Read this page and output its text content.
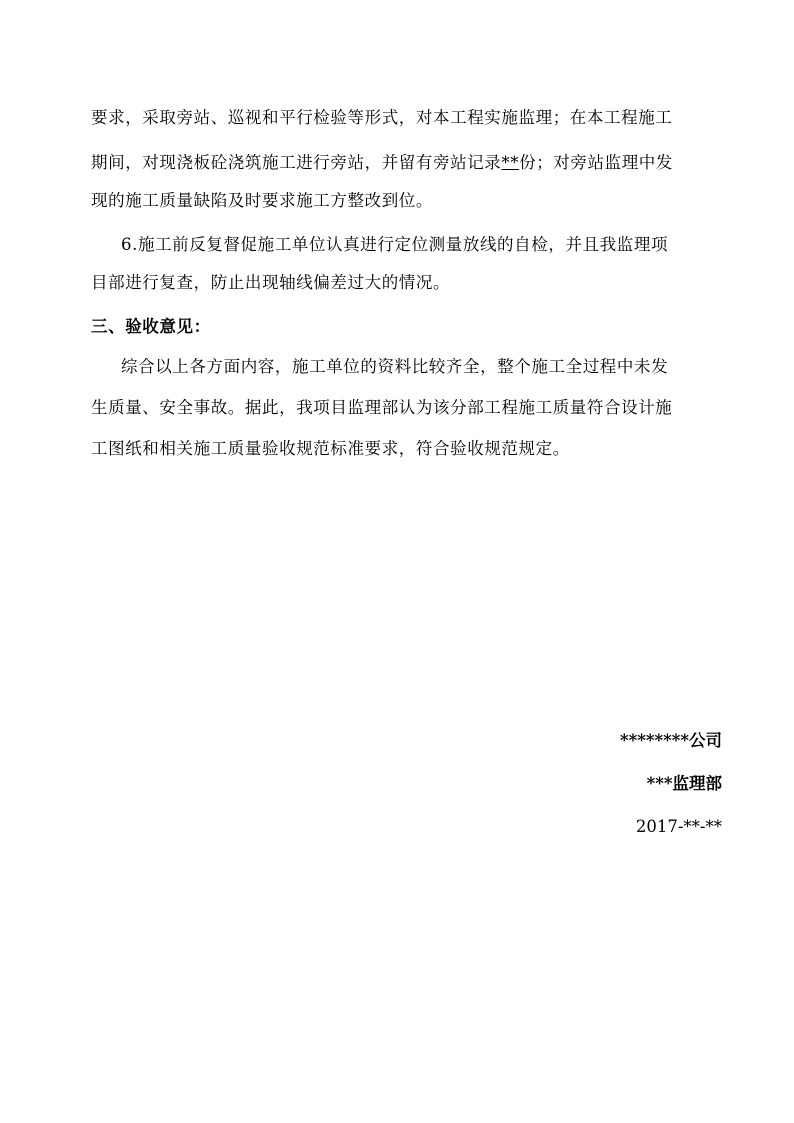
要求，采取旁站、巡视和平行检验等形式，对本工程实施监理；在本工程施工
期间，对现浇板砼浇筑施工进行旁站，并留有旁站记录**份；对旁站监理中发
现的施工质量缺陷及时要求施工方整改到位。
6.施工前反复督促施工单位认真进行定位测量放线的自检，并且我监理项
目部进行复查，防止出现轴线偏差过大的情况。
三、验收意见：
综合以上各方面内容，施工单位的资料比较齐全，整个施工全过程中未发
生质量、安全事故。据此，我项目监理部认为该分部工程施工质量符合设计施
工图纸和相关施工质量验收规范标准要求，符合验收规范规定。
********公司
***监理部
2017-**-**
